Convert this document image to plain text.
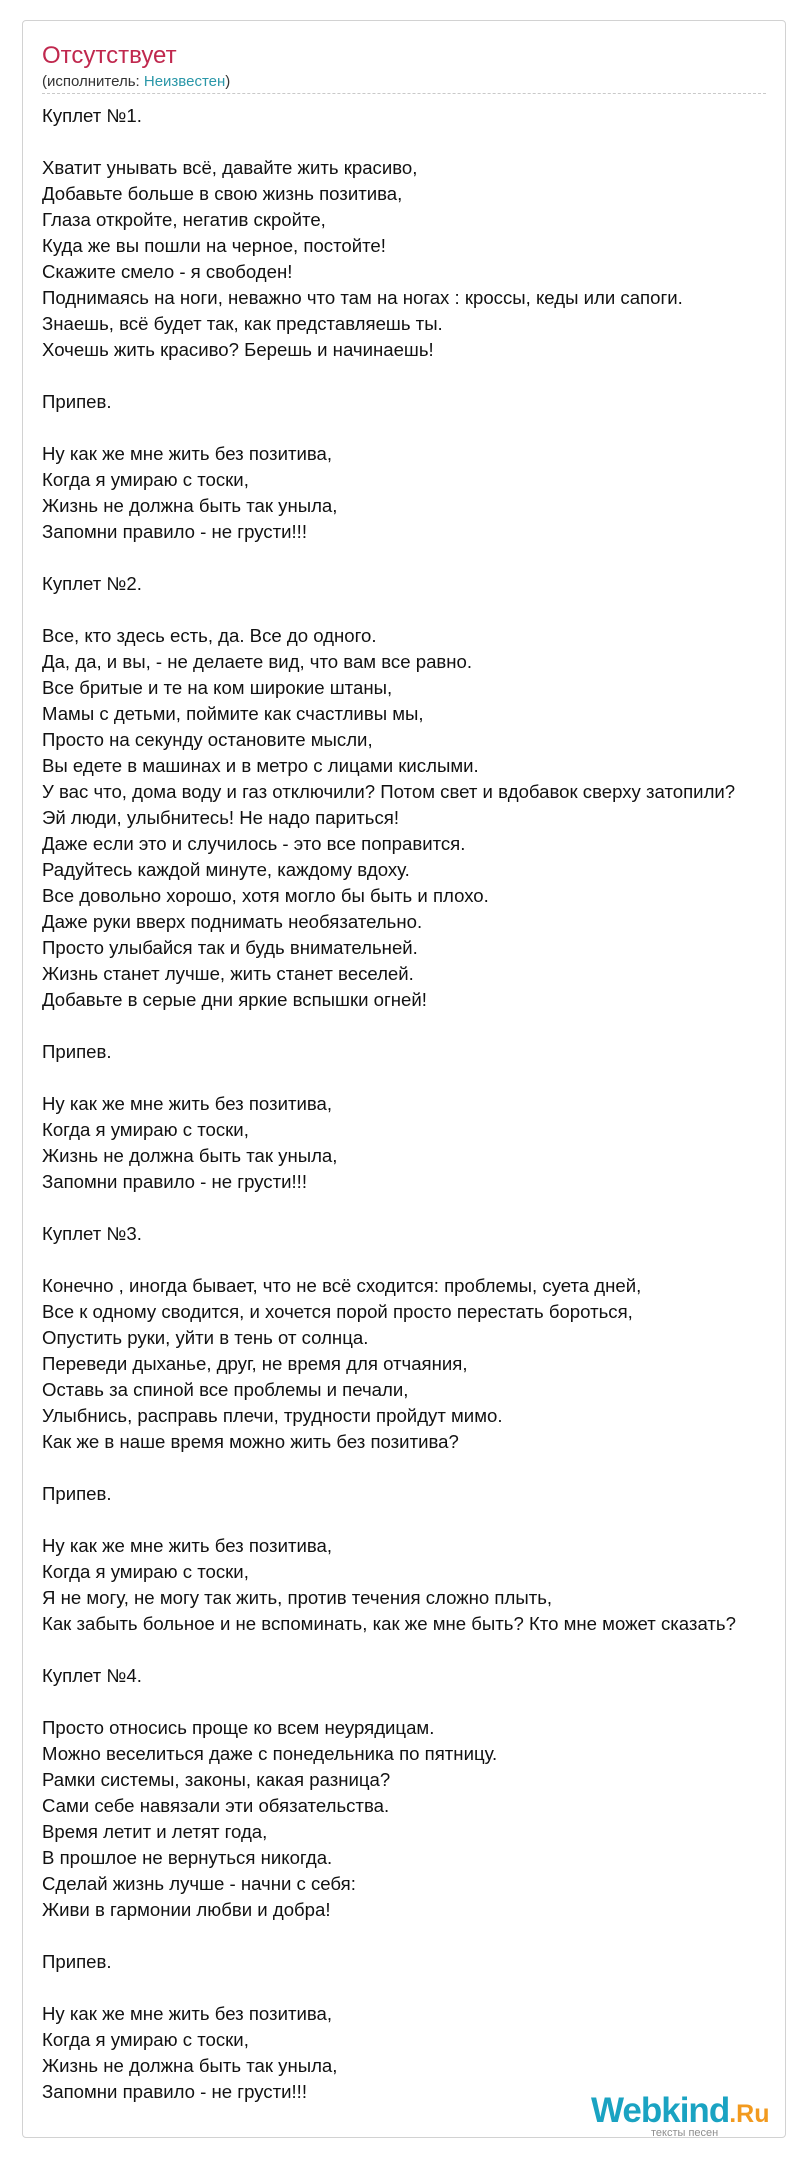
Отсутствует
(исполнитель: Неизвестен)
Куплет №1.
Хватит унывать всё, давайте жить красиво,
Добавьте больше в свою жизнь позитива,
Глаза откройте, негатив скройте,
Куда же вы пошли на черное, постойте!
Скажите смело - я свободен!
Поднимаясь на ноги, неважно что там на ногах : кроссы, кеды или сапоги.
Знаешь, всё будет так, как представляешь ты.
Хочешь жить красиво? Берешь и начинаешь!
Припев.
Ну как же мне жить без позитива,
Когда я умираю с тоски,
Жизнь не должна быть так уныла,
Запомни правило - не грусти!!!
Куплет №2.
Все, кто здесь есть, да. Все до одного.
Да, да, и вы, - не делаете вид, что вам все равно.
Все бритые и те на ком широкие штаны,
Мамы с детьми, поймите как счастливы мы,
Просто на секунду остановите мысли,
Вы едете в машинах и в метро с лицами кислыми.
У вас что, дома воду и газ отключили? Потом свет и вдобавок сверху затопили?
Эй люди, улыбнитесь! Не надо париться!
Даже если это и случилось - это все поправится.
Радуйтесь каждой минуте, каждому вдоху.
Все довольно хорошо, хотя могло бы быть и плохо.
Даже руки вверх поднимать необязательно.
Просто улыбайся так и будь внимательней.
Жизнь станет лучше, жить станет веселей.
Добавьте в серые дни яркие вспышки огней!
Припев.
Ну как же мне жить без позитива,
Когда я умираю с тоски,
Жизнь не должна быть так уныла,
Запомни правило - не грусти!!!
Куплет №3.
Конечно , иногда бывает, что не всё сходится: проблемы, суета дней,
Все к одному сводится, и хочется порой просто перестать бороться,
Опустить руки, уйти в тень от солнца.
Переведи дыханье, друг, не время для отчаяния,
Оставь за спиной все проблемы и печали,
Улыбнись, расправь плечи, трудности пройдут мимо.
Как же в наше время можно жить без позитива?
Припев.
Ну как же мне жить без позитива,
Когда я умираю с тоски,
Я не могу, не могу так жить, против течения сложно плыть,
Как забыть больное и не вспоминать, как же мне быть? Кто мне может сказать?
Куплет №4.
Просто относись проще ко всем неурядицам.
Можно веселиться даже с понедельника по пятницу.
Рамки системы, законы, какая разница?
Сами себе навязали эти обязательства.
Время летит и летят года,
В прошлое не вернуться никогда.
Сделай жизнь лучше - начни с себя:
Живи в гармонии любви и добра!
Припев.
Ну как же мне жить без позитива,
Когда я умираю с тоски,
Жизнь не должна быть так уныла,
Запомни правило - не грусти!!!	Webkind.Ru
тексты песен
